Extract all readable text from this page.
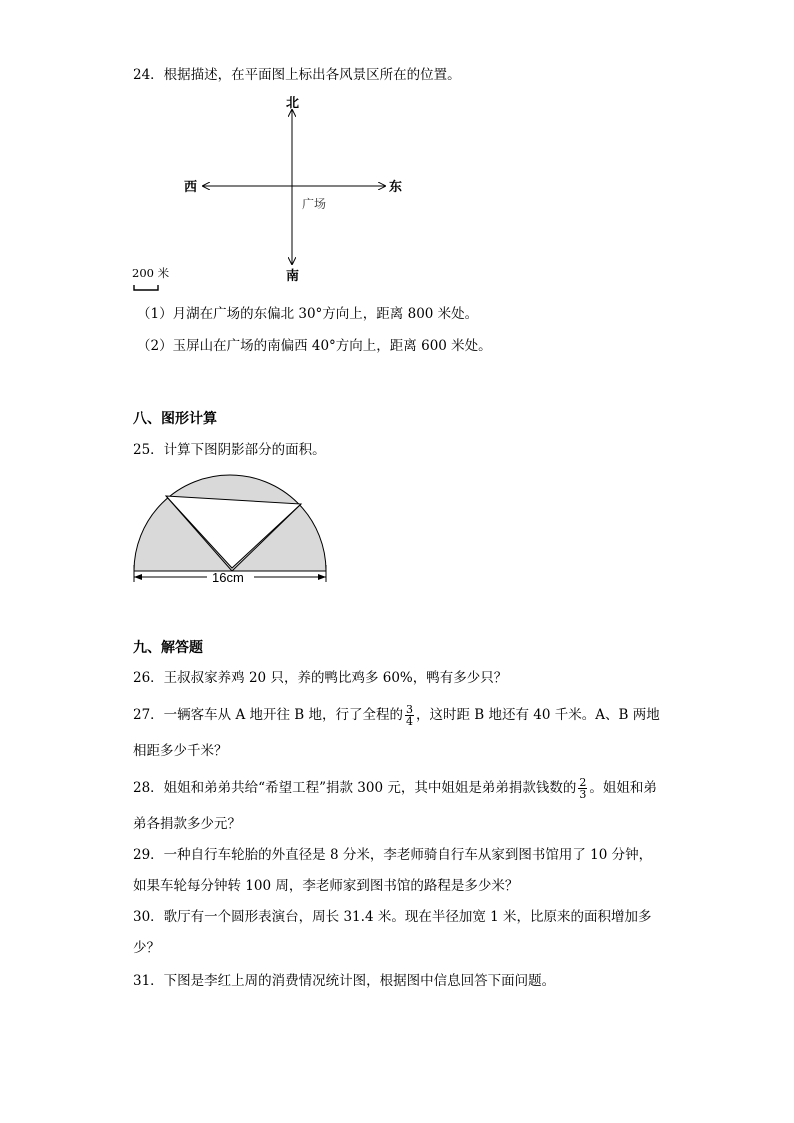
24．根据描述，在平面图上标出各风景区所在的位置。
北
南
东
西
广场
200 米
16cm
（1）月湖在广场的东偏北 30°方向上，距离 800 米处。
（2）玉屏山在广场的南偏西 40°方向上，距离 600 米处。
八、图形计算
25．计算下图阴影部分的面积。
九、解答题
26．王叔叔家养鸡 20 只，养的鸭比鸡多 60%，鸭有多少只？
27．一辆客车从 A 地开往 B 地，行了全程的 $\frac{3}{4}$ ，这时距 B 地还有 40 千米。A、B 两地
相距多少千米？
28．姐姐和弟弟共给“希望工程”捐款 300 元，其中姐姐是弟弟捐款钱数的 $\frac{2}{3}$ 。姐姐和弟
弟各捐款多少元？
29．一种自行车轮胎的外直径是 8 分米，李老师骑自行车从家到图书馆用了 10 分钟，
如果车轮每分钟转 100 周，李老师家到图书馆的路程是多少米？
30．歌厅有一个圆形表演台，周长 31.4 米。现在半径加宽 1 米，比原来的面积增加多
少？
31．下图是李红上周的消费情况统计图，根据图中信息回答下面问题。
